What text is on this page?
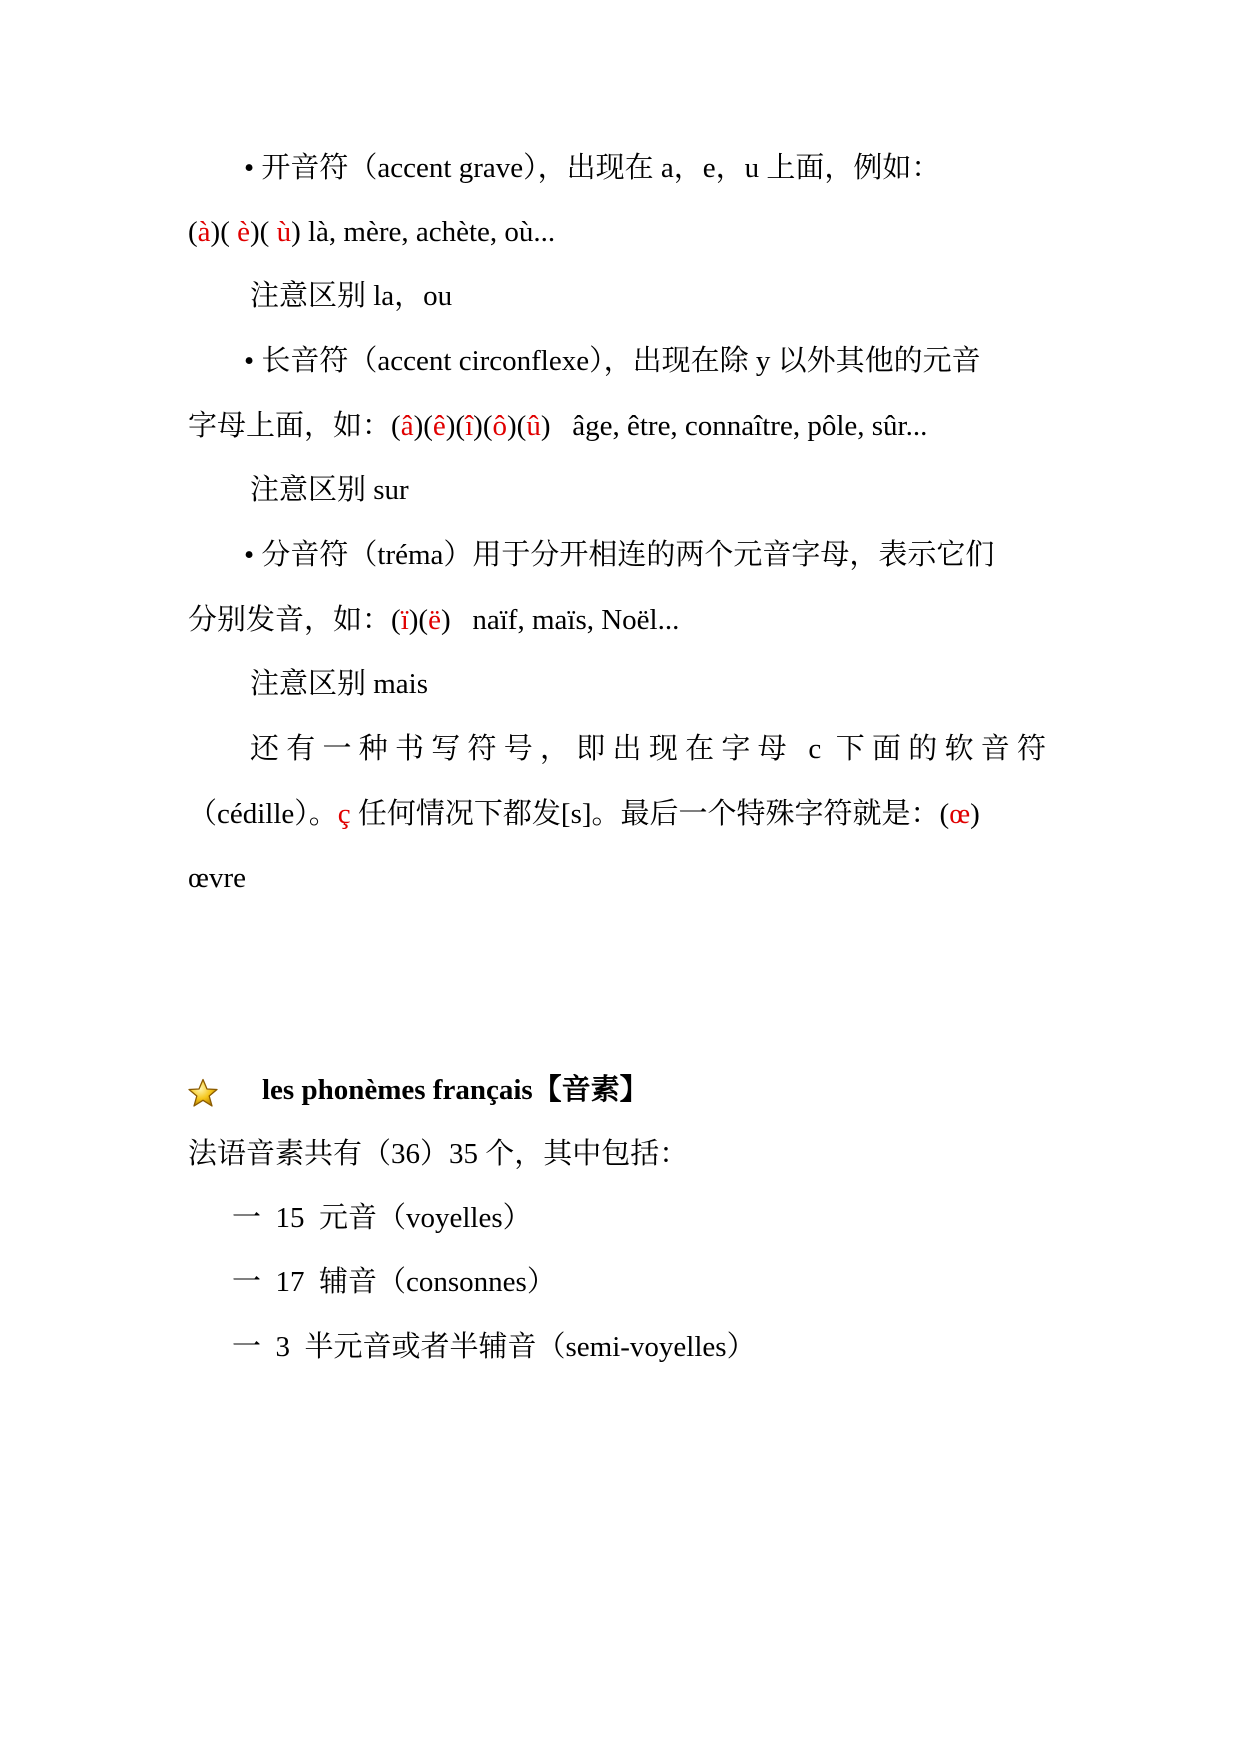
• 开音符（accent grave），出现在 a，e，u 上面，例如：
(à)( è)( ù) là, mère, achète, où...
注意区别 la，ou
• 长音符（accent circonflexe），出现在除 y 以外其他的元音
字母上面，如：(â)(ê)(î)(ô)(û)   âge, être, connaître, pôle, sûr...
注意区别 sur
• 分音符（tréma）用于分开相连的两个元音字母，表示它们
分别发音，如：(ï)(ë)   naïf, maïs, Noël...
注意区别 mais
还有一种书写符号，即出现在字母 c 下面的软音符
（cédille）。ç 任何情况下都发[s]。最后一个特殊字符就是：(œ)
œvre
les phonèmes français【音素】
法语音素共有（36）35 个，其中包括：
一  15  元音（voyelles）
一  17  辅音（consonnes）
一  3  半元音或者半辅音（semi-voyelles）
